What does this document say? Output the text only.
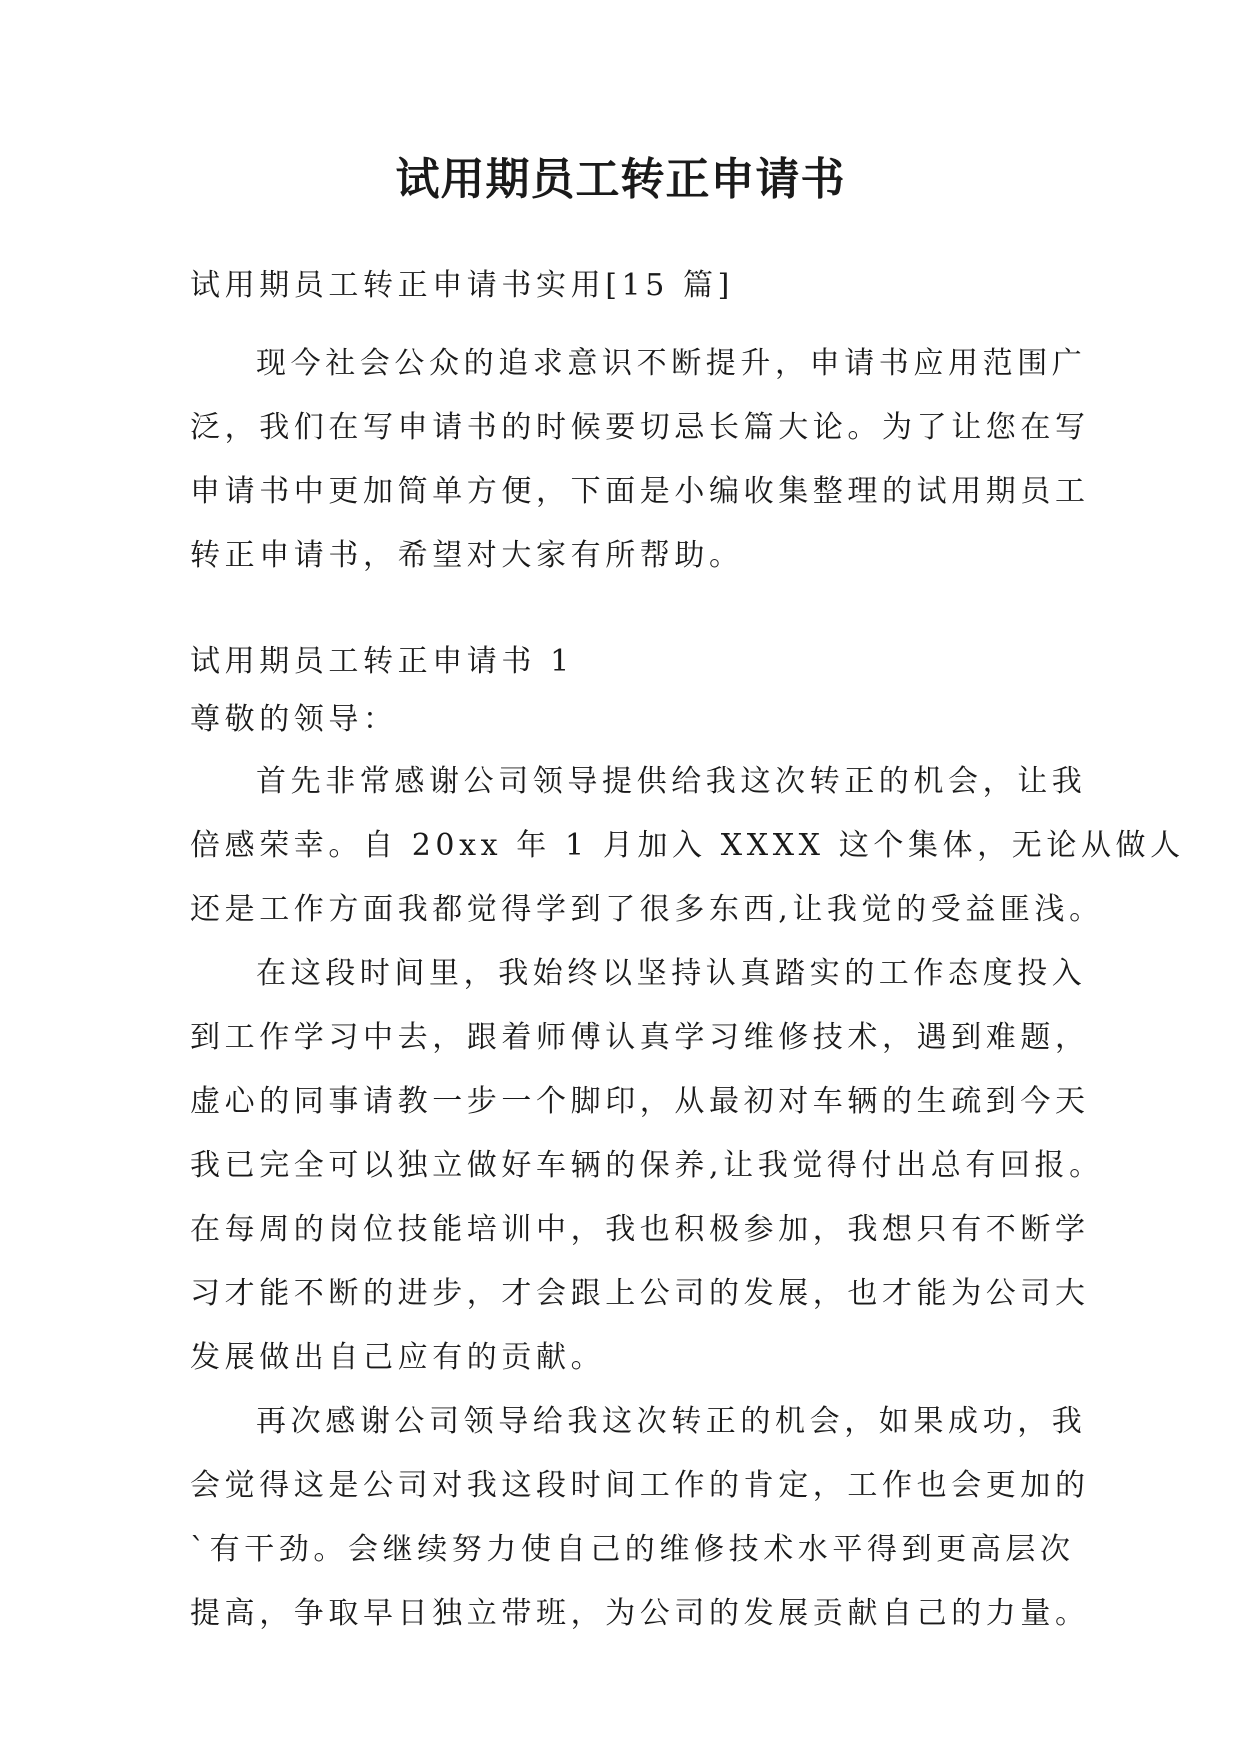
试用期员工转正申请书

试用期员工转正申请书实用[15 篇]

现今社会公众的追求意识不断提升，申请书应用范围广

泛，我们在写申请书的时候要切忌长篇大论。为了让您在写

申请书中更加简单方便，下面是小编收集整理的试用期员工

转正申请书，希望对大家有所帮助。

试用期员工转正申请书 1

尊敬的领导：

首先非常感谢公司领导提供给我这次转正的机会，让我

倍感荣幸。自 20xx 年 1 月加入 XXXX 这个集体，无论从做人

还是工作方面我都觉得学到了很多东西,让我觉的受益匪浅。

在这段时间里，我始终以坚持认真踏实的工作态度投入

到工作学习中去，跟着师傅认真学习维修技术，遇到难题，

虚心的同事请教一步一个脚印，从最初对车辆的生疏到今天

我已完全可以独立做好车辆的保养,让我觉得付出总有回报。

在每周的岗位技能培训中，我也积极参加，我想只有不断学

习才能不断的进步，才会跟上公司的发展，也才能为公司大

发展做出自己应有的贡献。

再次感谢公司领导给我这次转正的机会，如果成功，我

会觉得这是公司对我这段时间工作的肯定，工作也会更加的

`有干劲。会继续努力使自己的维修技术水平得到更高层次

提高，争取早日独立带班，为公司的发展贡献自己的力量。
